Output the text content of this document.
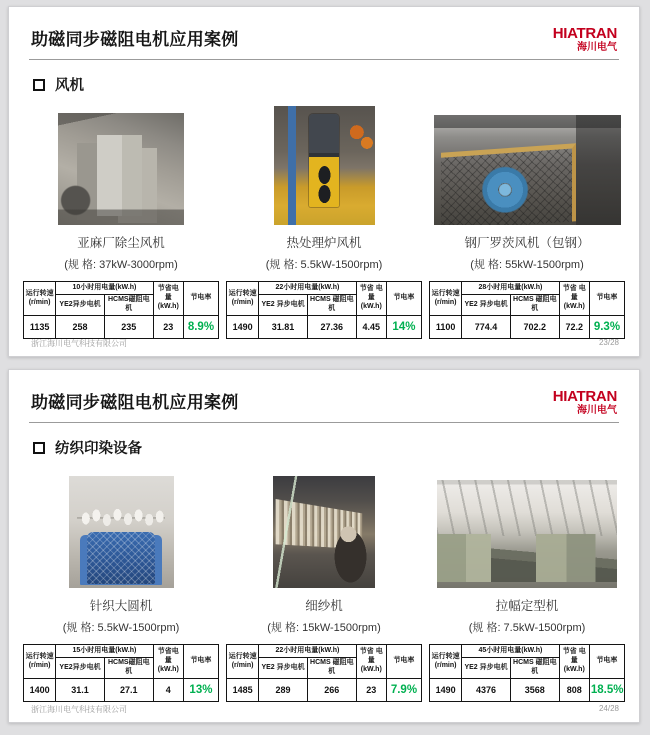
助磁同步磁阻电机应用案例	HIATRAN
海川电气
风机
亚麻厂除尘风机
(规 格: 37kW-3000rpm)
运行转速 (r/min)	10小时用电量(kW.h)		节省电量 (kW.h)	节电率
	YE2异步电机	HCMS磁阻电机		
1135	258	235	23	8.9%
热处理炉风机
(规 格: 5.5kW-1500rpm)
运行转速 (r/min)	22小时用电量(kW.h)		节省 电量 (kW.h)	节电率
	YE2 异步电机	HCMS 磁阻电机		
1490	31.81	27.36	4.45	14%
钢厂罗茨风机（包钢）
(规 格: 55kW-1500rpm)
运行转速 (r/min)	28小时用电量(kW.h)		节省 电量 (kW.h)	节电率
	YE2 异步电机	HCMS 磁阻电机		
1100	774.4	702.2	72.2	9.3%
浙江海川电气科技有限公司	23/28
助磁同步磁阻电机应用案例	HIATRAN
海川电气
纺织印染设备
针织大圆机
(规 格: 5.5kW-1500rpm)
运行转速 (r/min)	15小时用电量(kW.h)		节省电量 (kW.h)	节电率
	YE2异步电机	HCMS磁阻电机		
1400	31.1	27.1	4	13%
细纱机
(规 格: 15kW-1500rpm)
运行转速 (r/min)	22小时用电量(kW.h)		节省 电量 (kW.h)	节电率
	YE2 异步电机	HCMS 磁阻电机		
1485	289	266	23	7.9%
拉幅定型机
(规 格: 7.5kW-1500rpm)
运行转速 (r/min)	45小时用电量(kW.h)		节省 电量 (kW.h)	节电率
	YE2 异步电机	HCMS 磁阻电机		
1490	4376	3568	808	18.5%
浙江海川电气科技有限公司	24/28
